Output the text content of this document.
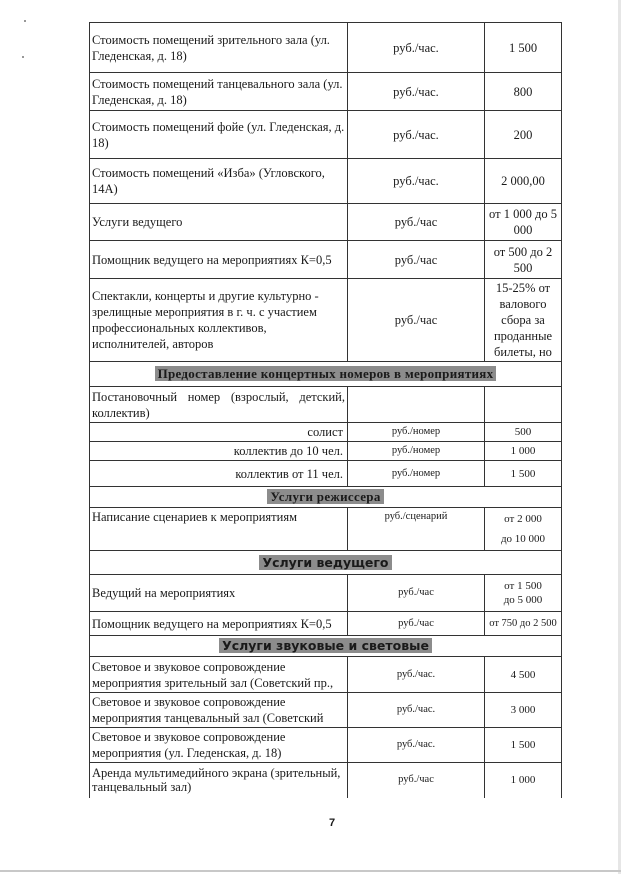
Стоимость помещений зрительного зала (ул. Гледенская, д. 18)	руб./час.	1 500
Стоимость помещений танцевального зала (ул. Гледенская, д. 18)	руб./час.	800
Стоимость помещений фойе (ул. Гледенская, д. 18)	руб./час.	200
Стоимость помещений «Изба» (Угловского, 14А)	руб./час.	2 000,00
Услуги ведущего	руб./час	от 1 000 до 5 000
Помощник ведущего на мероприятиях К=0,5	руб./час	от 500 до 2 500
Спектакли, концерты и другие культурно - зрелищные мероприятия в г. ч. с участием профессиональных коллективов, исполнителей, авторов	руб./час	15-25% от валового сбора за проданные билеты, но
Предоставление концертных номеров в мероприятиях		
Постановочный номер (взрослый, детский, коллектив)		
солист	руб./номер	500
коллектив до 10 чел.	руб./номер	1 000
коллектив от 11 чел.	руб./номер	1 500
Услуги режиссера		
Написание сценариев к мероприятиям	руб./сценарий	от 2 000
до 10 000

Услуги ведущего		
Ведущий на мероприятиях	руб./час	от 1 500
до 5 000

Помощник ведущего на мероприятиях К=0,5	руб./час	от 750 до 2 500
Услуги звуковые и световые		
Световое и звуковое сопровождение мероприятия зрительный зал (Советский пр.,	руб./час.	4 500
Световое и звуковое сопровождение мероприятия танцевальный зал (Советский	руб./час.	3 000
Световое и звуковое сопровождение мероприятия (ул. Гледенская, д. 18)	руб./час.	1 500
Аренда мультимедийного экрана (зрительный, танцевальный зал)	руб./час	1 000
7
